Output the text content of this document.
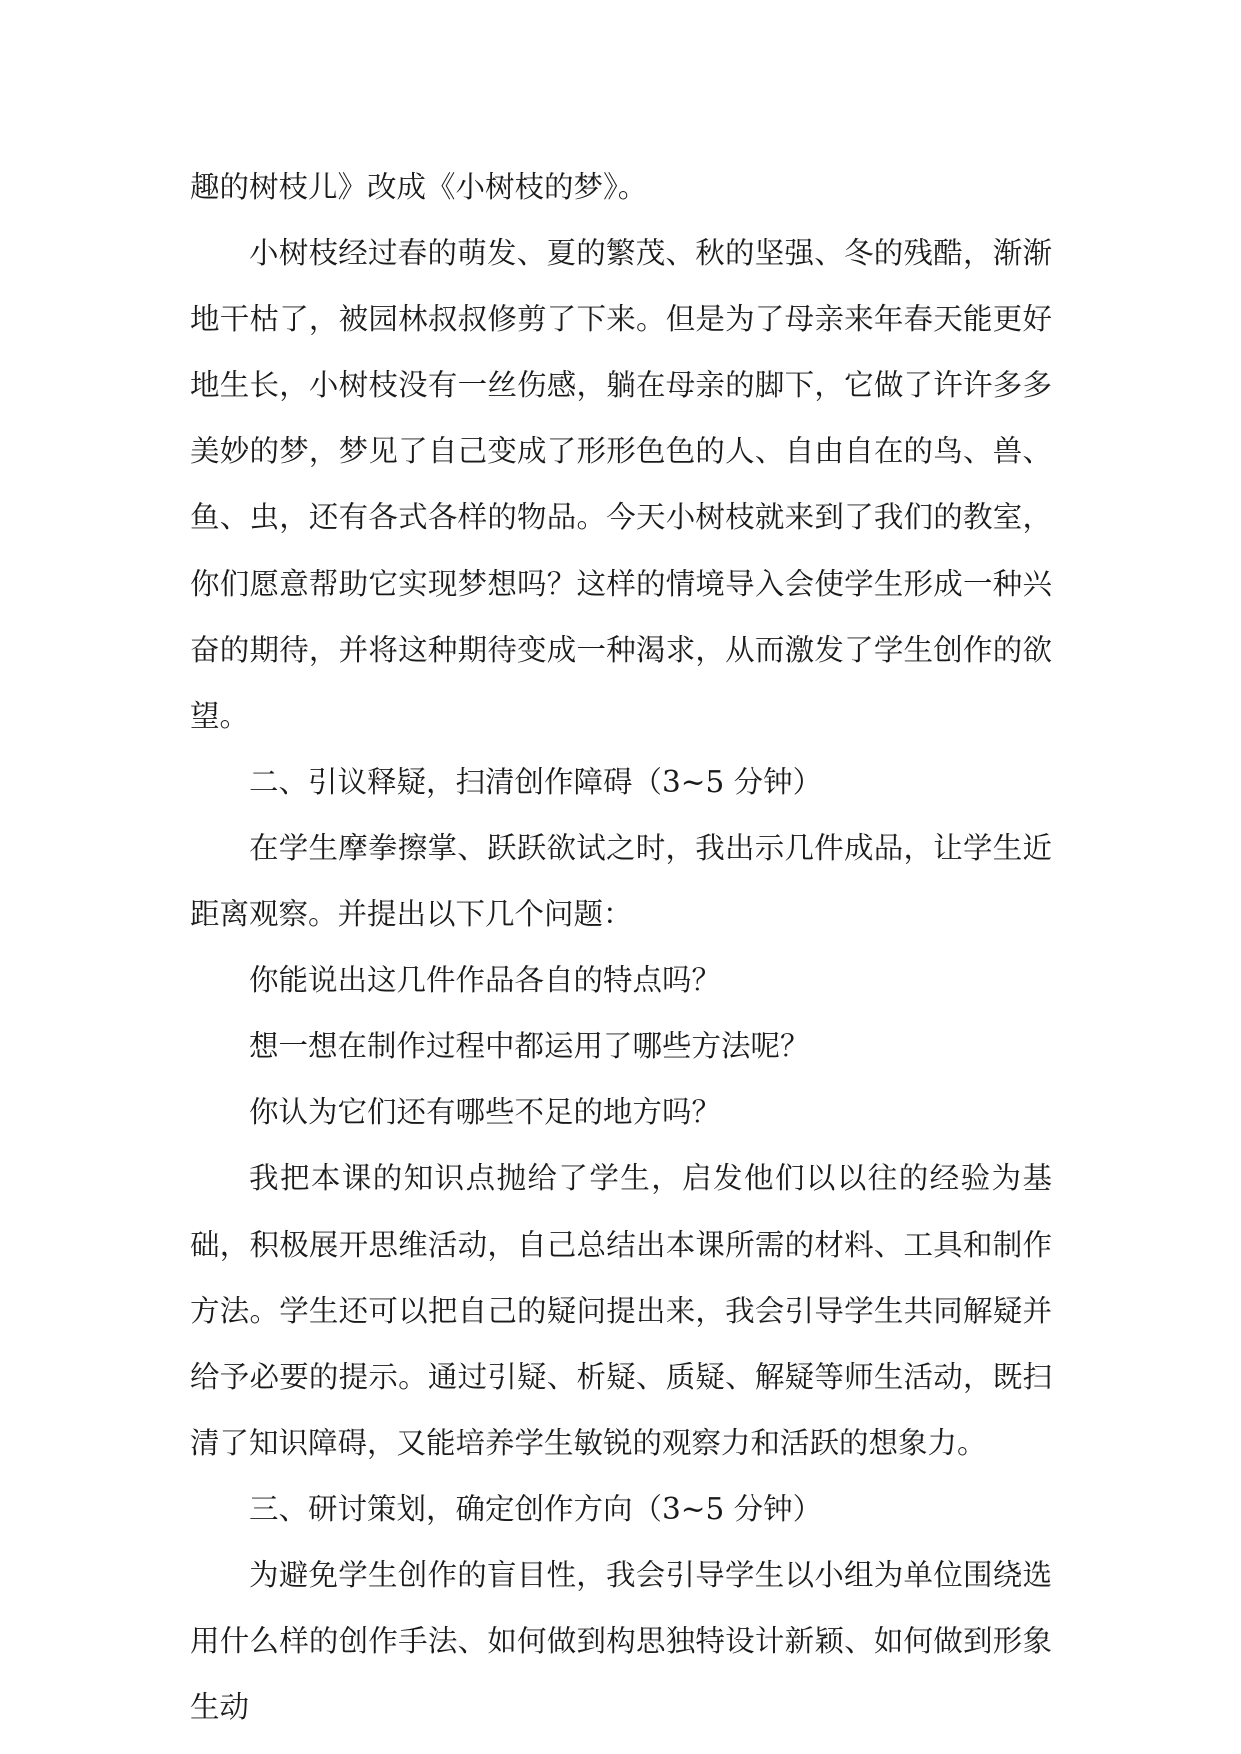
趣的树枝儿》改成《小树枝的梦》。

小树枝经过春的萌发、夏的繁茂、秋的坚强、冬的残酷，渐渐地干枯了，被园林叔叔修剪了下来。但是为了母亲来年春天能更好地生长，小树枝没有一丝伤感，躺在母亲的脚下，它做了许许多多美妙的梦，梦见了自己变成了形形色色的人、自由自在的鸟、兽、鱼、虫，还有各式各样的物品。今天小树枝就来到了我们的教室，你们愿意帮助它实现梦想吗？这样的情境导入会使学生形成一种兴奋的期待，并将这种期待变成一种渴求，从而激发了学生创作的欲望。

二、引议释疑，扫清创作障碍（3~5 分钟）

在学生摩拳擦掌、跃跃欲试之时，我出示几件成品，让学生近距离观察。并提出以下几个问题：

你能说出这几件作品各自的特点吗？

想一想在制作过程中都运用了哪些方法呢？

你认为它们还有哪些不足的地方吗？

我把本课的知识点抛给了学生，启发他们以以往的经验为基础，积极展开思维活动，自己总结出本课所需的材料、工具和制作方法。学生还可以把自己的疑问提出来，我会引导学生共同解疑并给予必要的提示。通过引疑、析疑、质疑、解疑等师生活动，既扫清了知识障碍，又能培养学生敏锐的观察力和活跃的想象力。

三、研讨策划，确定创作方向（3~5 分钟）

为避免学生创作的盲目性，我会引导学生以小组为单位围绕选用什么样的创作手法、如何做到构思独特设计新颖、如何做到形象生动
